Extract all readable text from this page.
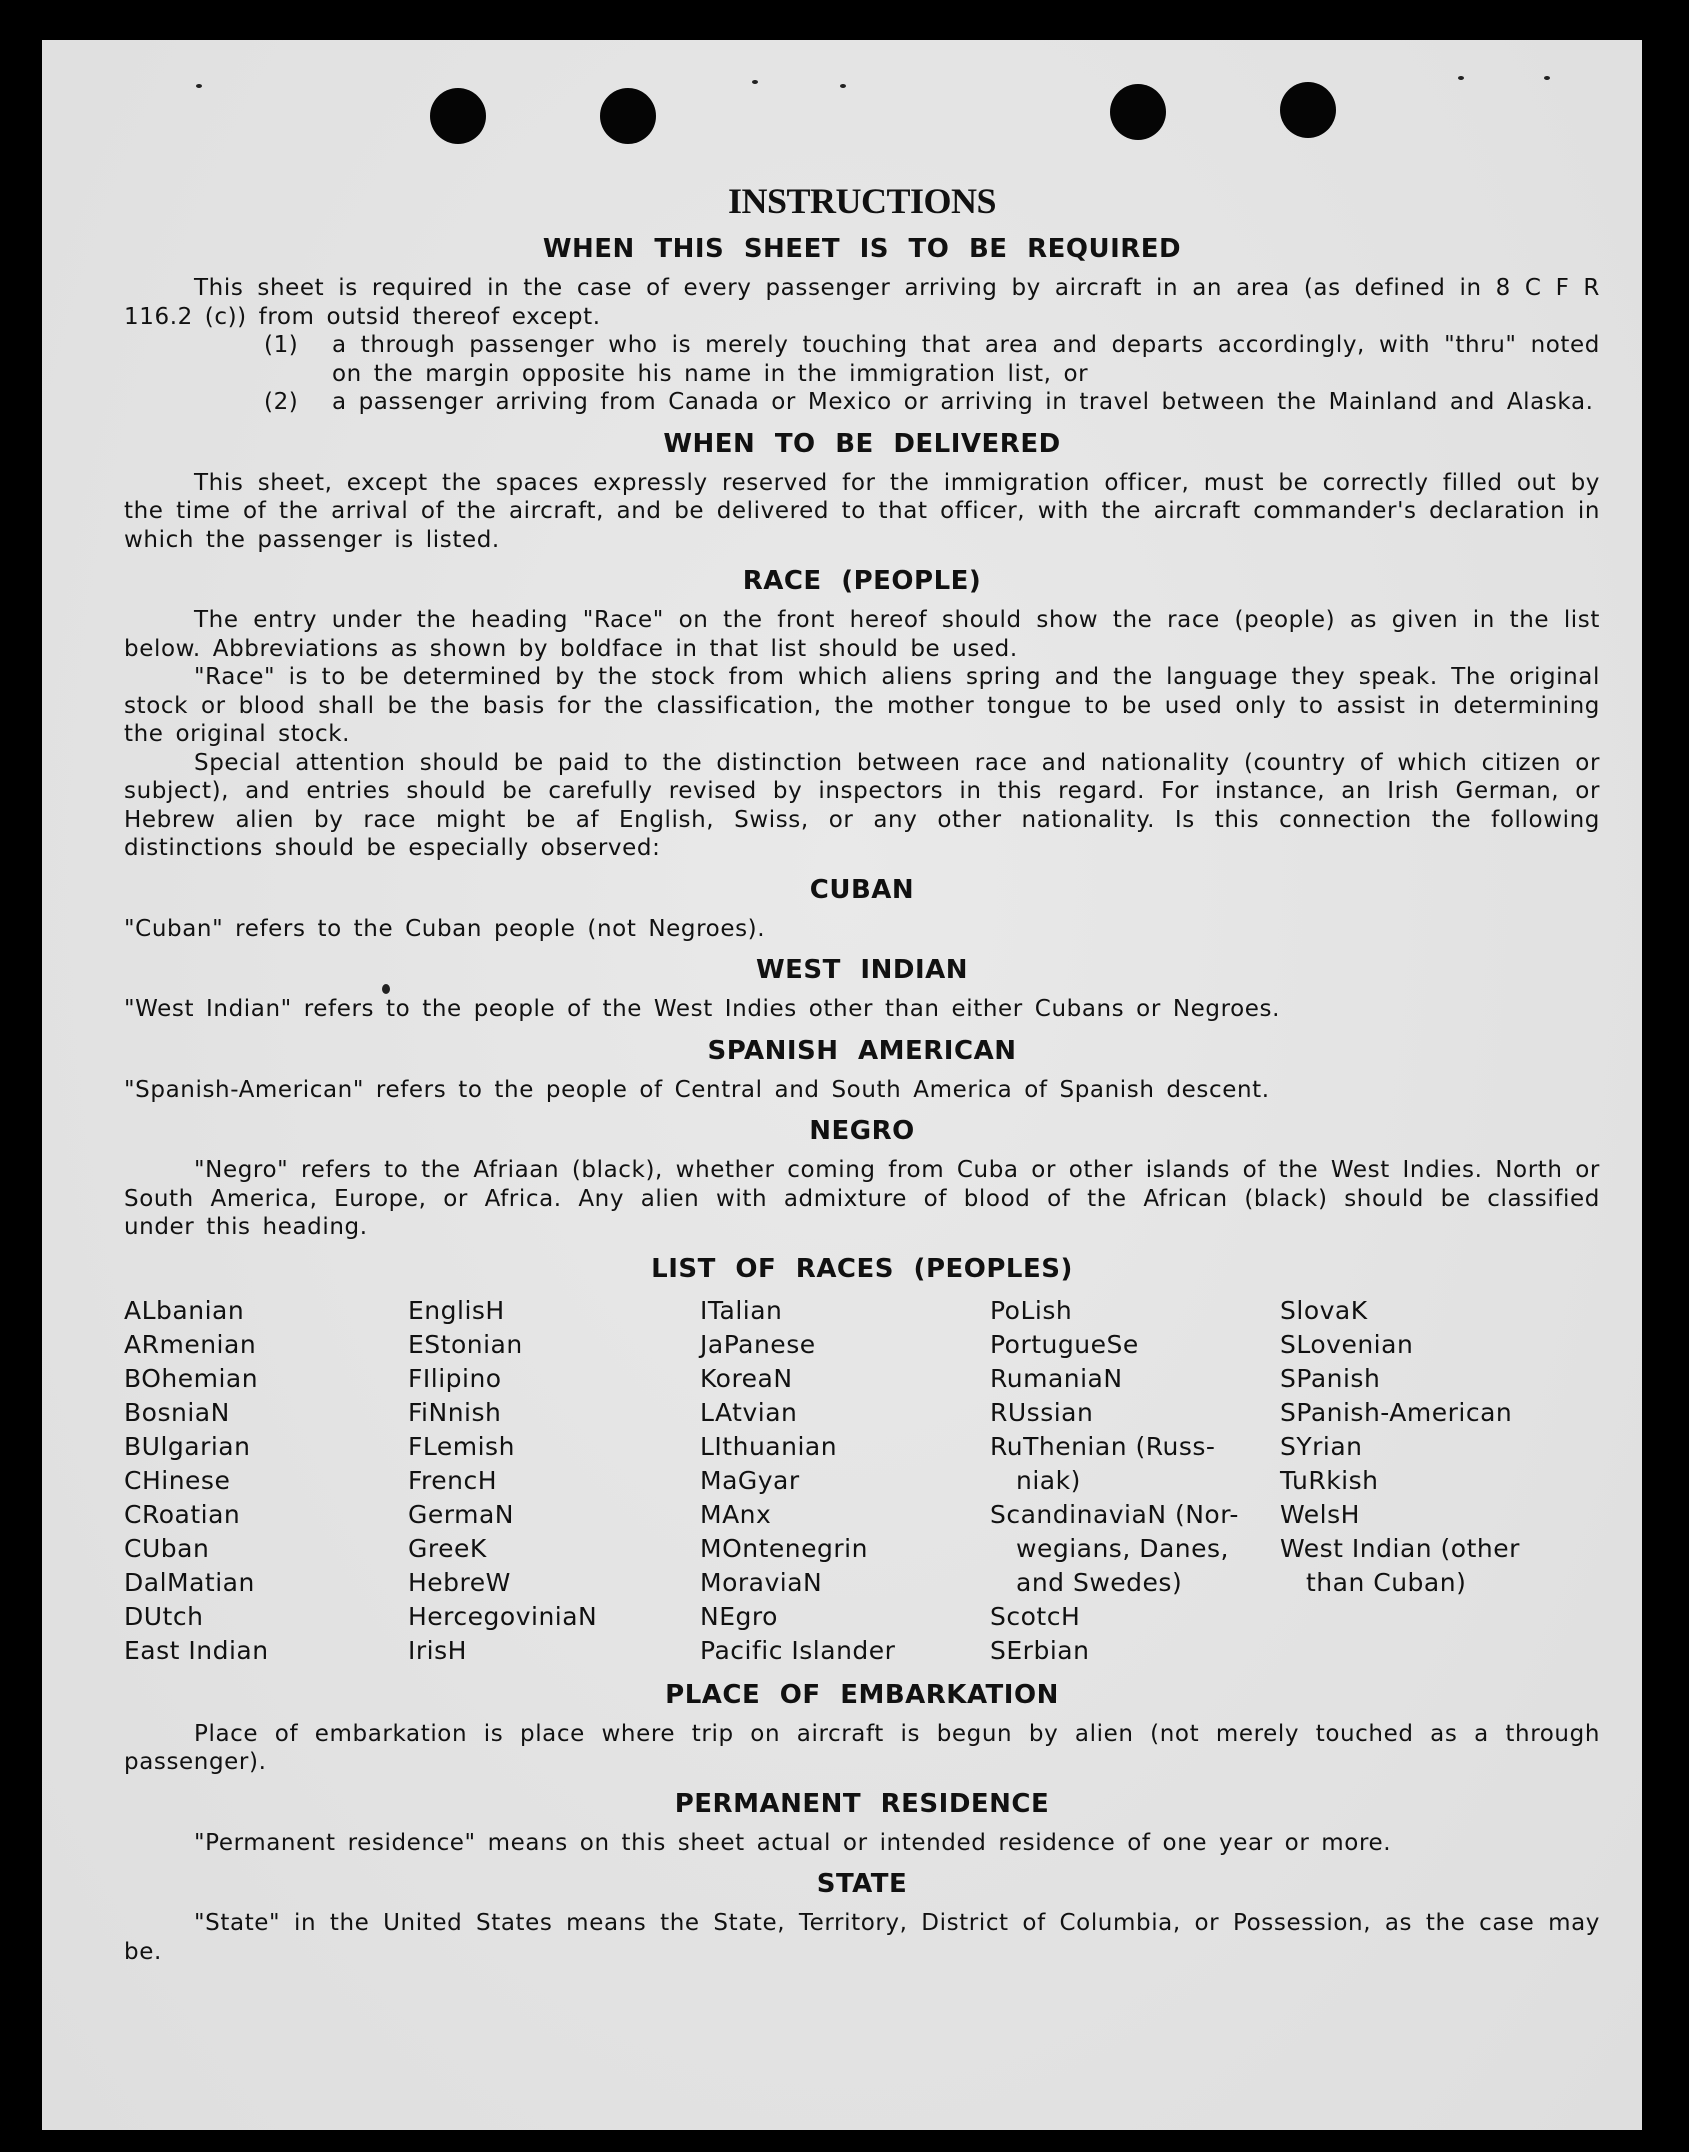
INSTRUCTIONS
WHEN THIS SHEET IS TO BE REQUIRED

This sheet is required in the case of every passenger arriving by aircraft in an area (as defined in 8 C F R 116.2 (c)) from outsid thereof except.

(1) a through passenger who is merely touching that area and departs accordingly, with "thru" noted on the margin opposite his name in the immigration list, or
(2) a passenger arriving from Canada or Mexico or arriving in travel between the Mainland and Alaska.
WHEN TO BE DELIVERED

This sheet, except the spaces expressly reserved for the immigration officer, must be correctly filled out by the time of the arrival of the aircraft, and be delivered to that officer, with the aircraft commander's declaration in which the passenger is listed.

RACE (PEOPLE)

The entry under the heading "Race" on the front hereof should show the race (people) as given in the list below. Abbreviations as shown by boldface in that list should be used.

"Race" is to be determined by the stock from which aliens spring and the language they speak. The original stock or blood shall be the basis for the classification, the mother tongue to be used only to assist in determining the original stock.

Special attention should be paid to the distinction between race and nationality (country of which citizen or subject), and entries should be carefully revised by inspectors in this regard. For instance, an Irish German, or Hebrew alien by race might be af English, Swiss, or any other nationality. Is this connection the following distinctions should be especially observed:

CUBAN

"Cuban" refers to the Cuban people (not Negroes).

WEST INDIAN

"West Indian" refers to the people of the West Indies other than either Cubans or Negroes.

SPANISH AMERICAN

"Spanish-American" refers to the people of Central and South America of Spanish descent.

NEGRO

"Negro" refers to the Afriaan (black), whether coming from Cuba or other islands of the West Indies. North or South America, Europe, or Africa. Any alien with admixture of blood of the African (black) should be classified under this heading.

LIST OF RACES (PEOPLES)
ALbanian
ARmenian
BOhemian
BosniaN
BUlgarian
CHinese
CRoatian
CUban
DalMatian
DUtch
East Indian
EnglisH
EStonian
FIlipino
FiNnish
FLemish
FrencH
GermaN
GreeK
HebreW
HercegoviniaN
IrisH
ITalian
JaPanese
KoreaN
LAtvian
LIthuanian
MaGyar
MAnx
MOntenegrin
MoraviaN
NEgro
Pacific Islander
PoLish
PortugueSe
RumaniaN
RUssian
RuThenian (Russ-
niak)
ScandinaviaN (Nor-
wegians, Danes,
and Swedes)
ScotcH
SErbian
SlovaK
SLovenian
SPanish
SPanish-American
SYrian
TuRkish
WelsH
West Indian (other
than Cuban)
PLACE OF EMBARKATION

Place of embarkation is place where trip on aircraft is begun by alien (not merely touched as a through passenger).

PERMANENT RESIDENCE

"Permanent residence" means on this sheet actual or intended residence of one year or more.

STATE

"State" in the United States means the State, Territory, District of Columbia, or Possession, as the case may be.
